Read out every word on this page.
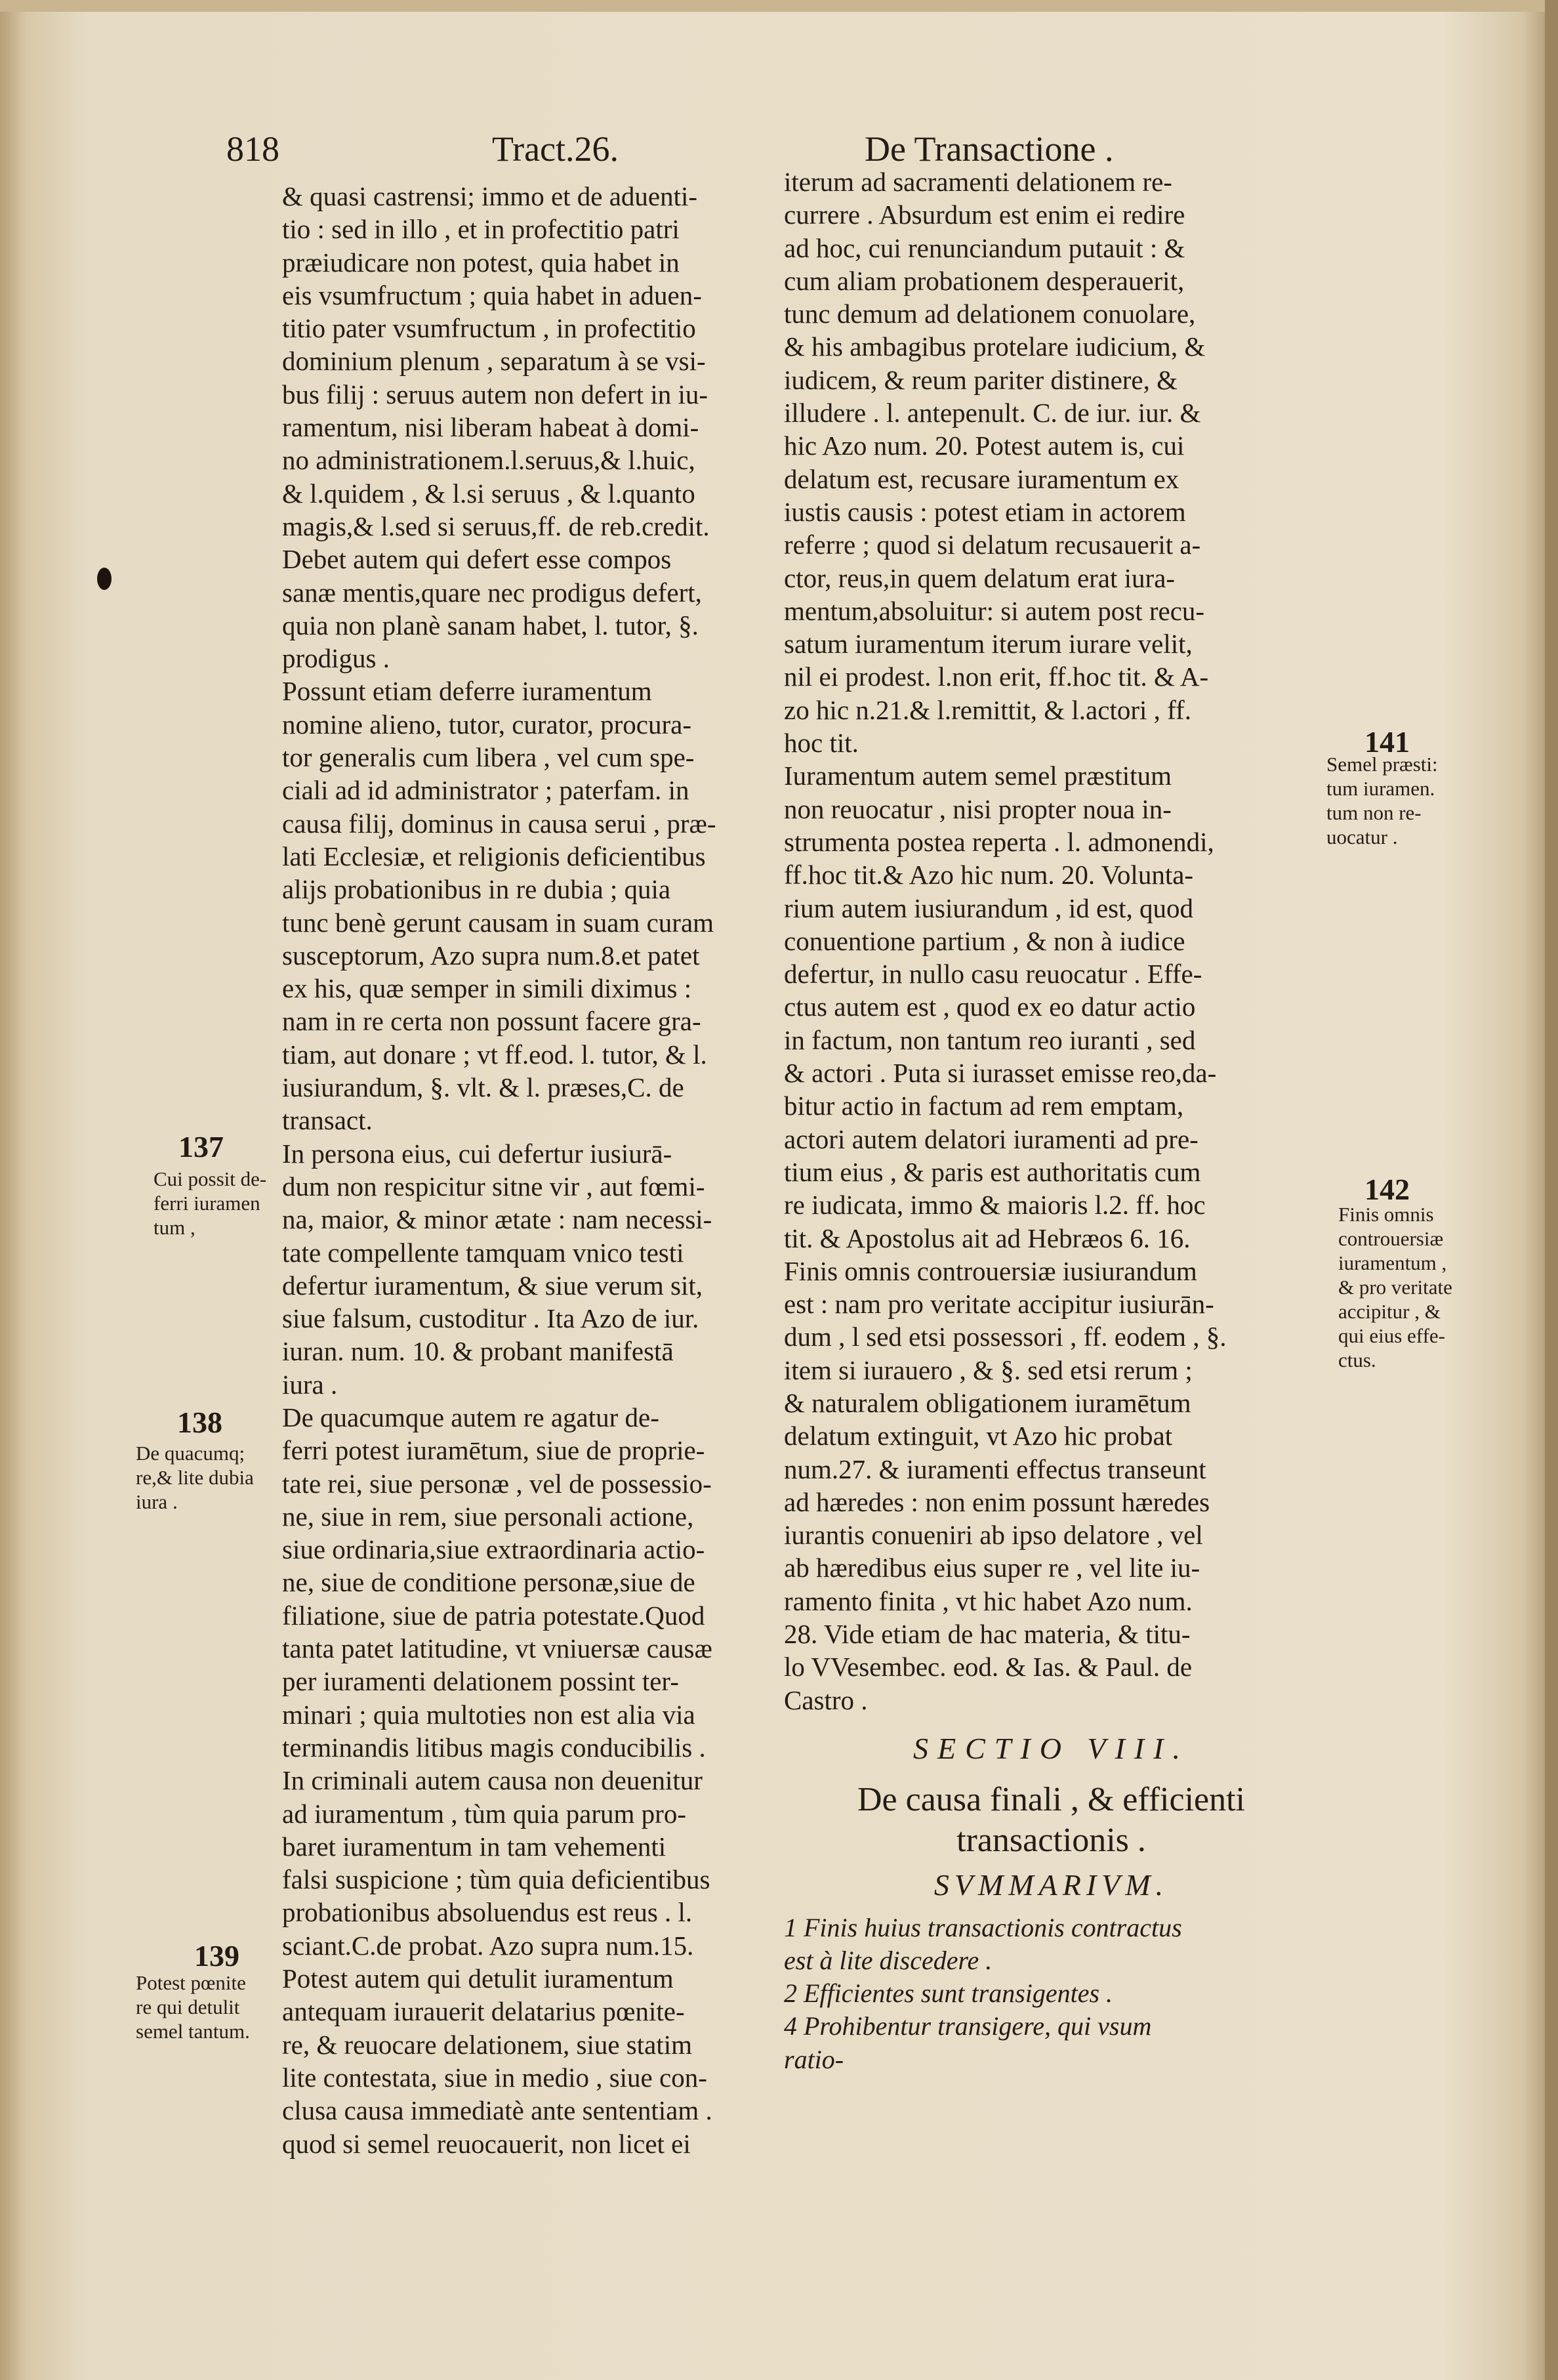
818	Tract.26.	De Transactione .

& quasi castrensi; immo et de aduenti-

tio : sed in illo , et in profectitio patri

præiudicare non potest, quia habet in

eis vsumfructum ; quia habet in aduen-

titio pater vsumfructum , in profectitio

dominium plenum , separatum à se vsi-

bus filij : seruus autem non defert in iu-

ramentum, nisi liberam habeat à domi-

no administrationem.l.seruus,& l.huic,

& l.quidem , & l.si seruus , & l.quanto

magis,& l.sed si seruus,ff. de reb.credit.

Debet autem qui defert esse compos

sanæ mentis,quare nec prodigus defert,

quia non planè sanam habet, l. tutor, §.

prodigus .

Possunt etiam deferre iuramentum

nomine alieno, tutor, curator, procura-

tor generalis cum libera , vel cum spe-

ciali ad id administrator ; paterfam. in

causa filij, dominus in causa serui , præ-

lati Ecclesiæ, et religionis deficientibus

alijs probationibus in re dubia ; quia

tunc benè gerunt causam in suam curam

susceptorum, Azo supra num.8.et patet

ex his, quæ semper in simili diximus :

nam in re certa non possunt facere gra-

tiam, aut donare ; vt ff.eod. l. tutor, & l.

iusiurandum, §. vlt. & l. præses,C. de

transact.

In persona eius, cui defertur iusiurā-

dum non respicitur sitne vir , aut fœmi-

na, maior, & minor ætate : nam necessi-

tate compellente tamquam vnico testi

defertur iuramentum, & siue verum sit,

siue falsum, custoditur . Ita Azo de iur.

iuran. num. 10. & probant manifestā

iura .

De quacumque autem re agatur de-

ferri potest iuramētum, siue de proprie-

tate rei, siue personæ , vel de possessio-

ne, siue in rem, siue personali actione,

siue ordinaria,siue extraordinaria actio-

ne, siue de conditione personæ,siue de

filiatione, siue de patria potestate.Quod

tanta patet latitudine, vt vniuersæ causæ

per iuramenti delationem possint ter-

minari ; quia multoties non est alia via

terminandis litibus magis conducibilis .

In criminali autem causa non deuenitur

ad iuramentum , tùm quia parum pro-

baret iuramentum in tam vehementi

falsi suspicione ; tùm quia deficientibus

probationibus absoluendus est reus . l.

sciant.C.de probat. Azo supra num.15.

Potest autem qui detulit iuramentum

antequam iurauerit delatarius pœnite-

re, & reuocare delationem, siue statim

lite contestata, siue in medio , siue con-

clusa causa immediatè ante sententiam .

quod si semel reuocauerit, non licet ei

iterum ad sacramenti delationem re-

currere . Absurdum est enim ei redire

ad hoc, cui renunciandum putauit : &

cum aliam probationem desperauerit,

tunc demum ad delationem conuolare,

& his ambagibus protelare iudicium, &

iudicem, & reum pariter distinere, &

illudere . l. antepenult. C. de iur. iur. &

hic Azo num. 20. Potest autem is, cui

delatum est, recusare iuramentum ex

iustis causis : potest etiam in actorem

referre ; quod si delatum recusauerit a-

ctor, reus,in quem delatum erat iura-

mentum,absoluitur: si autem post recu-

satum iuramentum iterum iurare velit,

nil ei prodest. l.non erit, ff.hoc tit. & A-

zo hic n.21.& l.remittit, & l.actori , ff.

hoc tit.

Iuramentum autem semel præstitum

non reuocatur , nisi propter noua in-

strumenta postea reperta . l. admonendi,

ff.hoc tit.& Azo hic num. 20. Volunta-

rium autem iusiurandum , id est, quod

conuentione partium , & non à iudice

defertur, in nullo casu reuocatur . Effe-

ctus autem est , quod ex eo datur actio

in factum, non tantum reo iuranti , sed

& actori . Puta si iurasset emisse reo,da-

bitur actio in factum ad rem emptam,

actori autem delatori iuramenti ad pre-

tium eius , & paris est authoritatis cum

re iudicata, immo & maioris l.2. ff. hoc

tit. & Apostolus ait ad Hebræos 6. 16.

Finis omnis controuersiæ iusiurandum

est : nam pro veritate accipitur iusiurān-

dum , l sed etsi possessori , ff. eodem , §.

item si iurauero , & §. sed etsi rerum ;

& naturalem obligationem iuramētum

delatum extinguit, vt Azo hic probat

num.27. & iuramenti effectus transeunt

ad hæredes : non enim possunt hæredes

iurantis conueniri ab ipso delatore , vel

ab hæredibus eius super re , vel lite iu-

ramento finita , vt hic habet Azo num.

28. Vide etiam de hac materia, & titu-

lo VVesembec. eod. & Ias. & Paul. de

Castro .

SECTIO VIII.

De causa finali , & efficienti

transactionis .

SVMMARIVM.

1 Finis huius transactionis contractus

est à lite discedere .

2 Efficientes sunt transigentes .

4 Prohibentur transigere, qui vsum

ratio-

137

Cui possit de-

ferri iuramen

tum ,

138

De quacumq;

re,& lite dubia

iura .

139

Potest pœnite

re qui detulit

semel tantum.

141

Semel præsti:

tum iuramen.

tum non re-

uocatur .

142

Finis omnis

controuersiæ

iuramentum ,

& pro veritate

accipitur , &

qui eius effe-

ctus.
